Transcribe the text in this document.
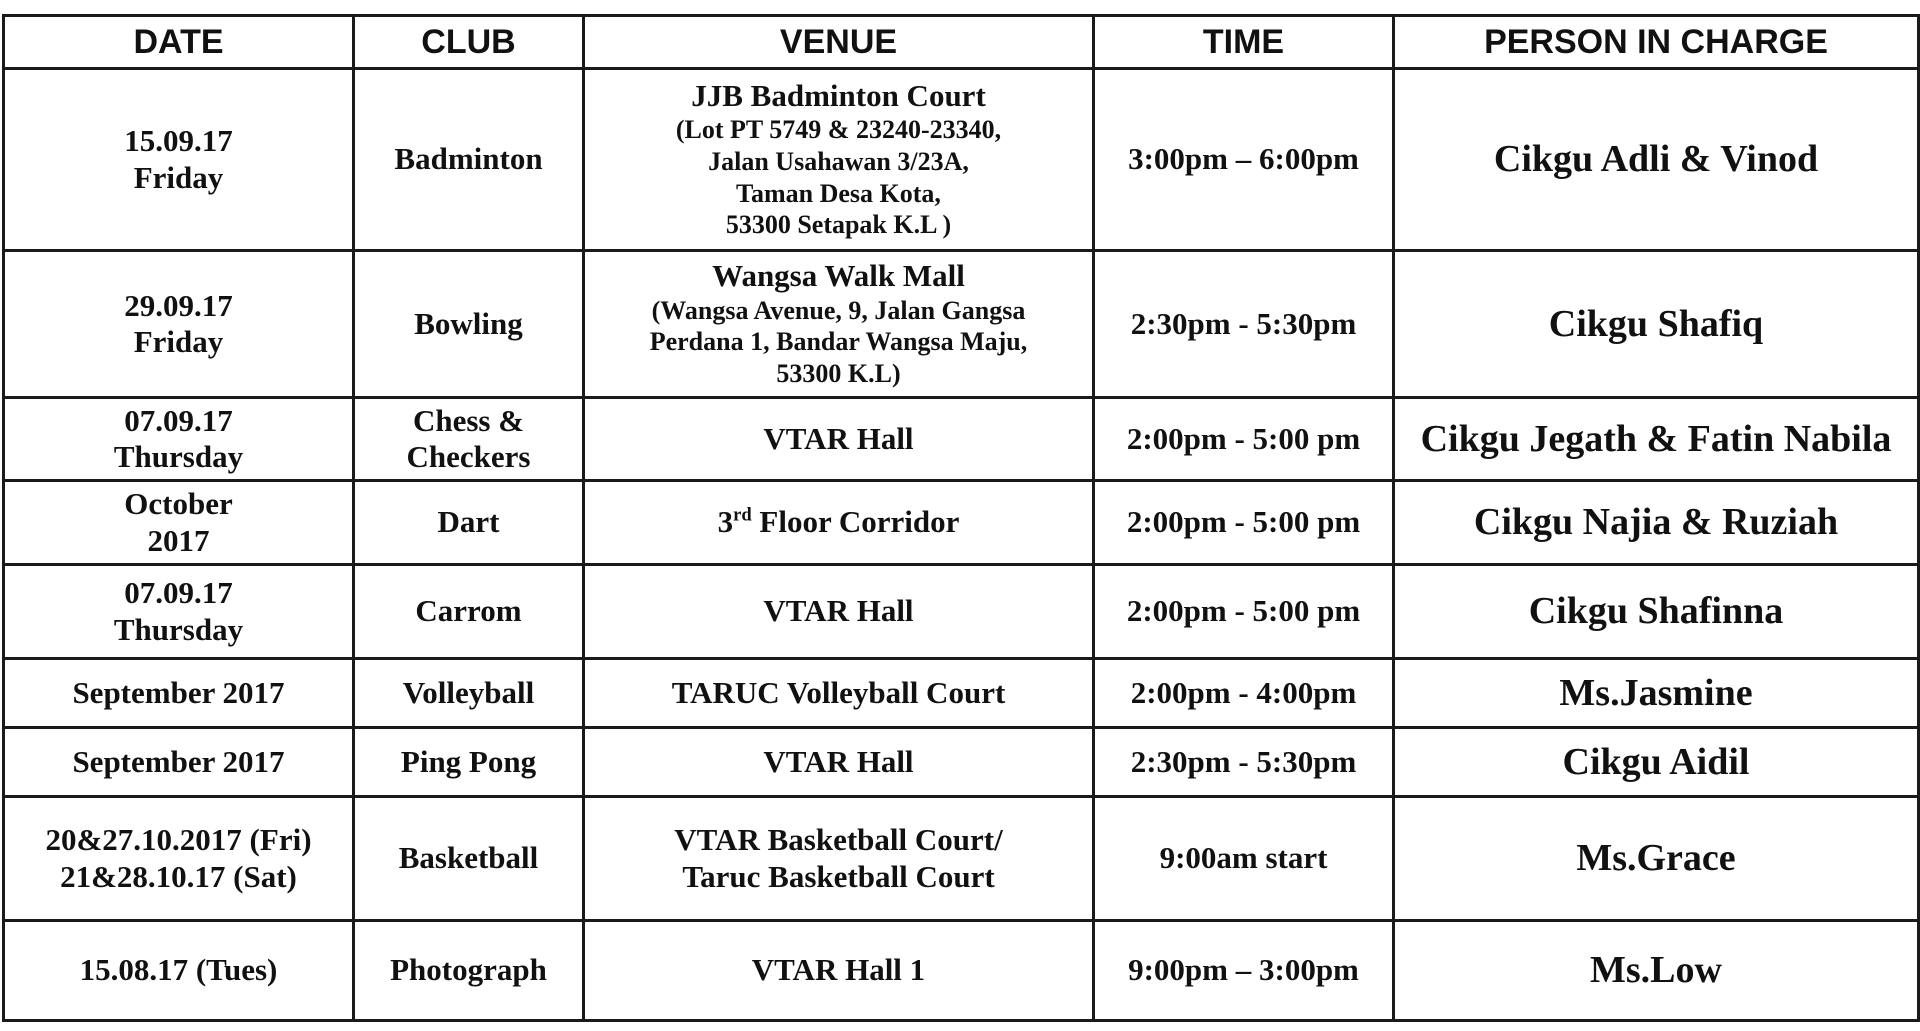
DATE	CLUB	VENUE	TIME	PERSON IN CHARGE

15.09.17
Friday	Badminton	JJB Badminton Court
(Lot PT 5749 & 23240-23340,
Jalan Usahawan 3/23A,
Taman Desa Kota,
53300 Setapak K.L )	3:00pm – 6:00pm	Cikgu Adli & Vinod

29.09.17
Friday	Bowling	Wangsa Walk Mall
(Wangsa Avenue, 9, Jalan Gangsa
Perdana 1, Bandar Wangsa Maju,
53300 K.L)	2:30pm - 5:30pm	Cikgu Shafiq

07.09.17
Thursday	Chess &
Checkers	VTAR Hall	2:00pm - 5:00 pm	Cikgu Jegath & Fatin Nabila

October
2017	Dart	3rd Floor Corridor	2:00pm - 5:00 pm	Cikgu Najia & Ruziah

07.09.17
Thursday	Carrom	VTAR Hall	2:00pm - 5:00 pm	Cikgu Shafinna
September 2017	Volleyball	TARUC Volleyball Court	2:00pm - 4:00pm	Ms.Jasmine
September 2017	Ping Pong	VTAR Hall	2:30pm - 5:30pm	Cikgu Aidil

20&27.10.2017 (Fri)
21&28.10.17 (Sat)	Basketball	VTAR Basketball Court/
Taruc Basketball Court	9:00am start	Ms.Grace
15.08.17 (Tues)	Photograph	VTAR Hall 1	9:00pm – 3:00pm	Ms.Low
